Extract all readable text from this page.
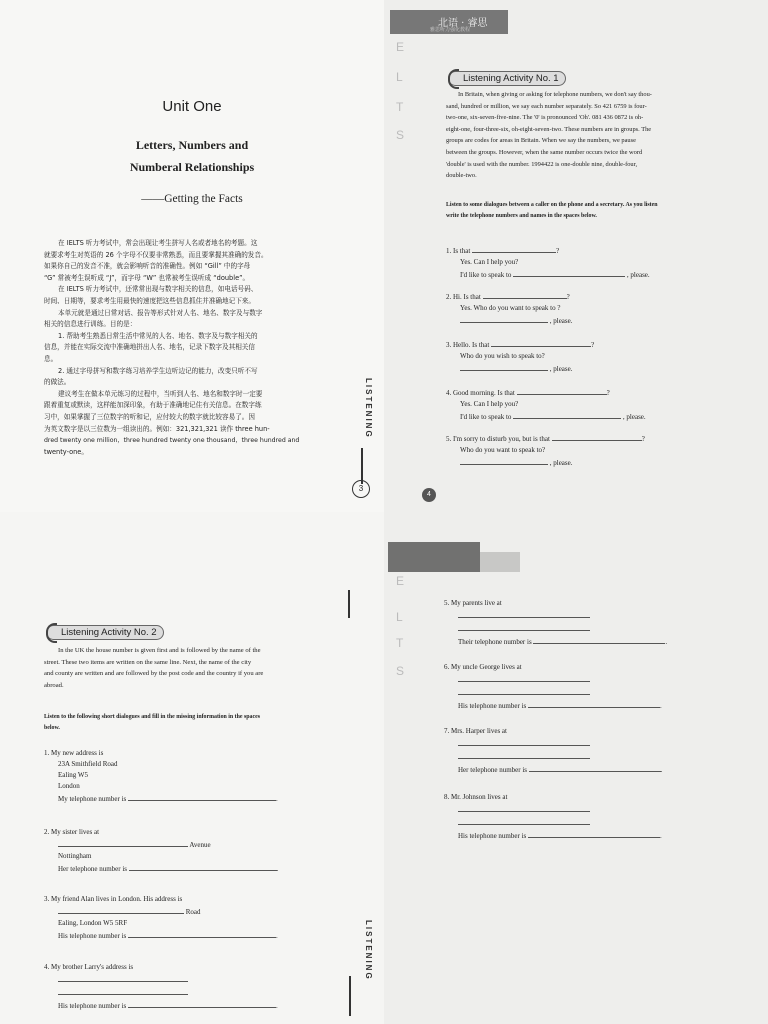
Unit One
Letters, Numbers and
Numberal Relationships
——Getting the Facts
在 IELTS 听力考试中，常会出现让考生拼写人名或者地名的考题。这
就要求考生对英语的 26 个字母不仅要非常熟悉，而且要掌握其准确的发音。
如果你自己的发音不准，就会影响听音的准确性。例如 “Gill” 中的字母
“G” 常被考生误听成 “J”，而字母 “W” 也常被考生误听成 “double”。
在 IELTS 听力考试中，还常常出现与数字相关的信息，如电话号码、
时间、日期等，要求考生用最快的速度把这些信息抓住并准确地记下来。
本单元就是通过日常对话、报告等形式针对人名、地名、数字及与数字
相关的信息进行训练。目的是：
1. 帮助考生熟悉日常生活中常见的人名、地名、数字及与数字相关的
信息，并能在实际交流中准确地拼出人名、地名，记录下数字及其相关信
息。
2. 通过字母拼写和数字练习培养学生边听边记的能力，改变只听不写
的做法。
建议考生在做本单元练习的过程中，当听到人名、地名和数字时一定要
跟着重复或默读，这样能加深印象，有助于准确地记住有关信息。在数字练
习中，如果掌握了三位数字的听和记，应付较大的数字就比较容易了。因
为英文数字是以三位数为一组读出的。例如：321,321,321 读作 three hun-
dred twenty one million，three hundred twenty one thousand，three hundred and
twenty-one。
LISTENING
3
北语 · 睿思
雅思听力强化教程
E
L
T
S
Listening Activity No. 1
In Britain, when giving or asking for telephone numbers, we don't say thou-
sand, hundred or million, we say each number separately. So 421 6759 is four-
two-one, six-seven-five-nine. The '0' is pronounced 'Oh'. 081 436 0872 is oh-
eight-one, four-three-six, oh-eight-seven-two. These numbers are in groups. The
groups are codes for areas in Britain. When we say the numbers, we pause
between the groups. However, when the same number occurs twice the word
'double' is used with the number. 1994422 is one-double nine, double-four,
double-two.
Listen to some dialogues between a caller on the phone and a secretary. As you listen
write the telephone numbers and names in the spaces below.
1. Is that	?
Yes. Can I help you?
I'd like to speak to	, please.
2. Hi. Is that	?
Yes. Who do you want to speak to ?
, please.
3. Hello. Is that	?
Who do you wish to speak to?
, please.
4. Good morning. Is that	?
Yes. Can I help you?
I'd like to speak to	, please.
5. I'm sorry to disturb you, but is that	?
Who do you want to speak to?
, please.
4
Listening Activity No. 2
In the UK the house number is given first and is followed by the name of the
street. These two items are written on the same line. Next, the name of the city
and county are written and are followed by the post code and the country if you are
abroad.
Listen to the following short dialogues and fill in the missing information in the spaces
below.
1. My new address is
23A Smithfield Road
Ealing W5
London
My telephone number is	.
2. My sister lives at
Avenue
Nottingham
Her telephone number is	.
3. My friend Alan lives in London. His address is
Road
Ealing, London W5 5RF
His telephone number is	.
4. My brother Larry's address is
His telephone number is	.
LISTENING
E
L
T
S
5. My parents live at
Their telephone number is	.
6. My uncle George lives at
His telephone number is	.
7. Mrs. Harper lives at
Her telephone number is	.
8. Mr. Johnson lives at
His telephone number is	.
